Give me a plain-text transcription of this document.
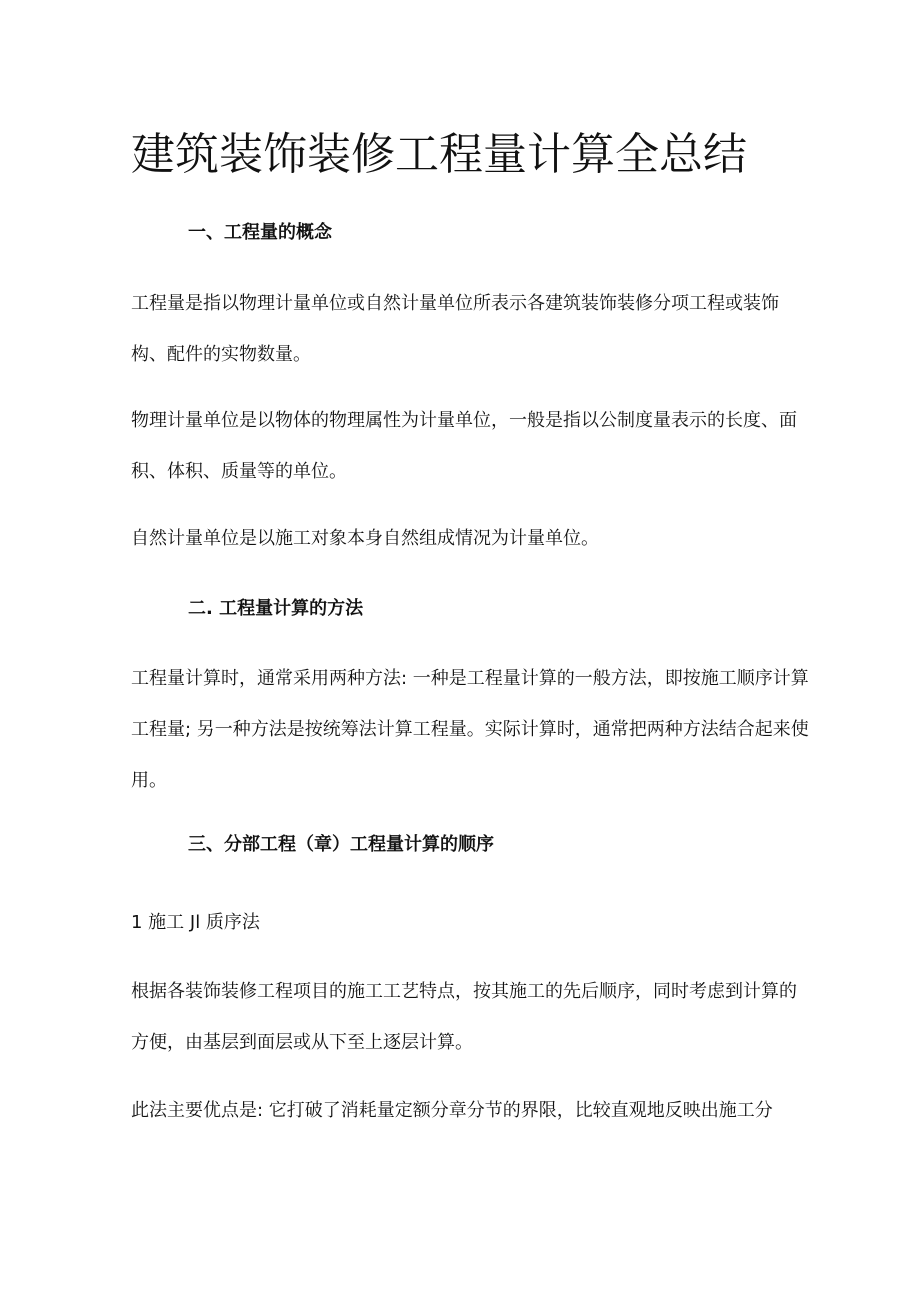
建筑装饰装修工程量计算全总结
一、工程量的概念
工程量是指以物理计量单位或自然计量单位所表示各建筑装饰装修分项工程或装饰构、配件的实物数量。
物理计量单位是以物体的物理属性为计量单位，一般是指以公制度量表示的长度、面积、体积、质量等的单位。
自然计量单位是以施工对象本身自然组成情况为计量单位。
二. 工程量计算的方法
工程量计算时，通常采用两种方法: 一种是工程量计算的一般方法，即按施工顺序计算工程量; 另一种方法是按统筹法计算工程量。实际计算时，通常把两种方法结合起来使用。
三、分部工程（章）工程量计算的顺序
1 施工 Jl 质序法
根据各装饰装修工程项目的施工工艺特点，按其施工的先后顺序，同时考虑到计算的方便，由基层到面层或从下至上逐层计算。
此法主要优点是: 它打破了消耗量定额分章分节的界限，比较直观地反映出施工分
